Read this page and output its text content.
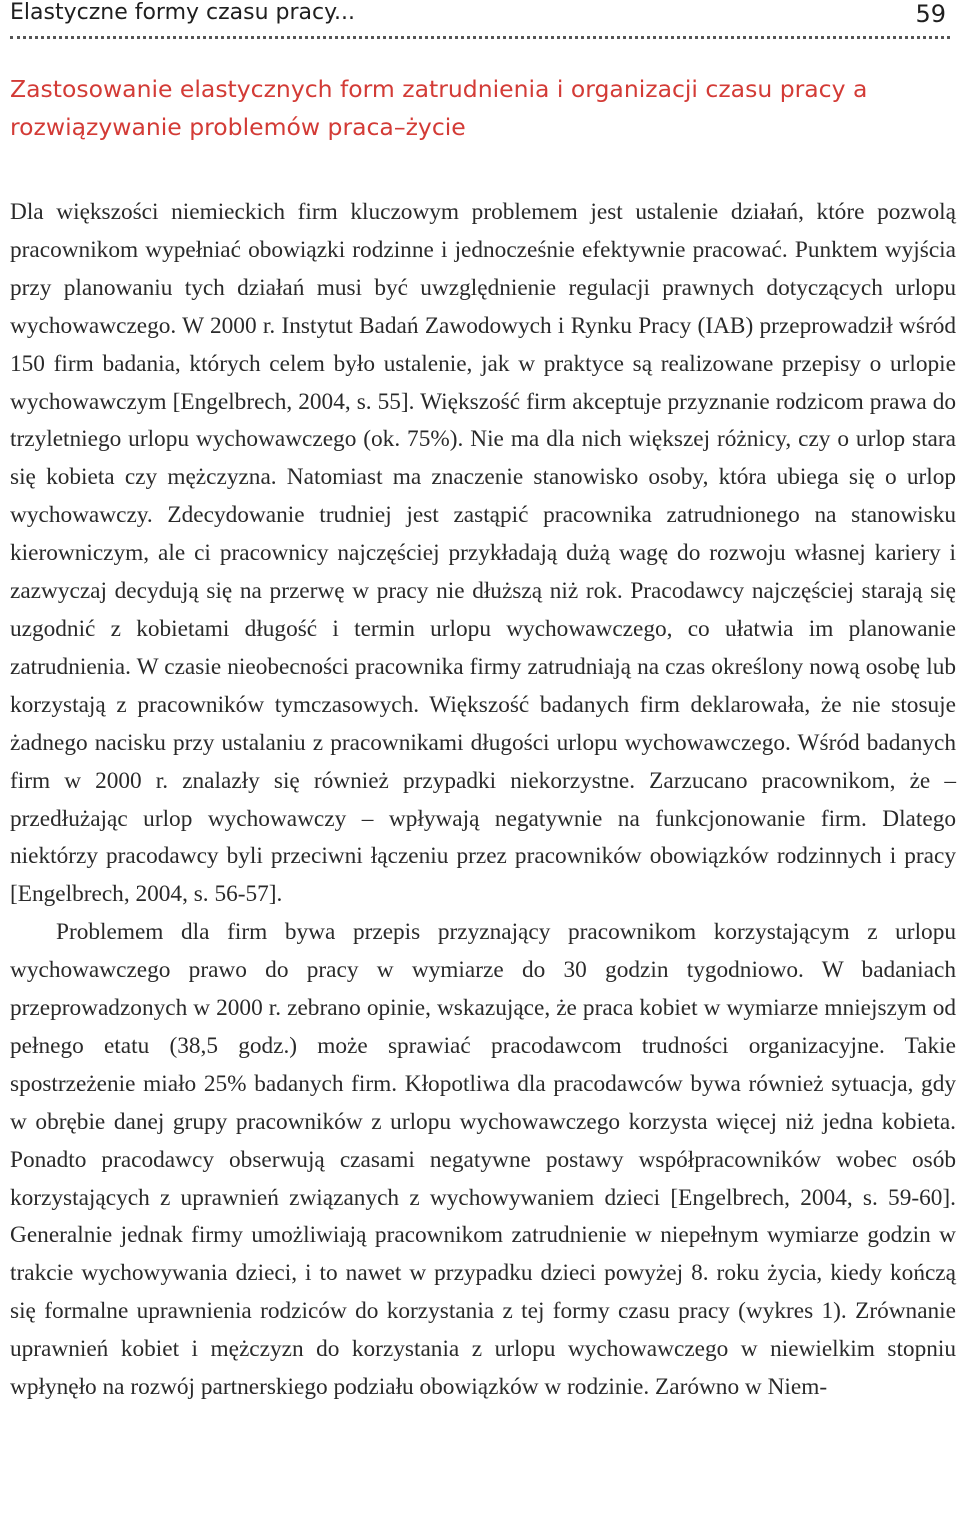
Elastyczne formy czasu pracy...	59
Zastosowanie elastycznych form zatrudnienia i organizacji czasu pracy a rozwiązywanie problemów praca–życie

Dla większości niemieckich firm kluczowym problemem jest ustalenie działań, które pozwolą pracownikom wypełniać obowiązki rodzinne i jednocześnie efektywnie pracować. Punktem wyjścia przy planowaniu tych działań musi być uwzględnienie regulacji prawnych dotyczących urlopu wychowawczego. W 2000 r. Instytut Badań Zawodowych i Rynku Pracy (IAB) przeprowadził wśród 150 firm badania, których celem było ustalenie, jak w praktyce są realizowane przepisy o urlopie wychowawczym [Engelbrech, 2004, s. 55]. Większość firm akceptuje przyznanie rodzicom prawa do trzyletniego urlopu wychowawczego (ok. 75%). Nie ma dla nich większej różnicy, czy o urlop stara się kobieta czy mężczyzna. Natomiast ma znaczenie stanowisko osoby, która ubiega się o urlop wychowawczy. Zdecydowanie trudniej jest zastąpić pracownika zatrudnionego na stanowisku kierowniczym, ale ci pracownicy najczęściej przykładają dużą wagę do rozwoju własnej kariery i zazwyczaj decydują się na przerwę w pracy nie dłuższą niż rok. Pracodawcy najczęściej starają się uzgodnić z kobietami długość i termin urlopu wychowawczego, co ułatwia im planowanie zatrudnienia. W czasie nieobecności pracownika firmy zatrudniają na czas określony nową osobę lub korzystają z pracowników tymczasowych. Większość badanych firm deklarowała, że nie stosuje żadnego nacisku przy ustalaniu z pracownikami długości urlopu wychowawczego. Wśród badanych firm w 2000 r. znalazły się również przypadki niekorzystne. Zarzucano pracownikom, że – przedłużając urlop wychowawczy – wpływają negatywnie na funkcjonowanie firm. Dlatego niektórzy pracodawcy byli przeciwni łączeniu przez pracowników obowiązków rodzinnych i pracy [Engelbrech, 2004, s. 56-57].

Problemem dla firm bywa przepis przyznający pracownikom korzystającym z urlopu wychowawczego prawo do pracy w wymiarze do 30 godzin tygodniowo. W badaniach przeprowadzonych w 2000 r. zebrano opinie, wskazujące, że praca kobiet w wymiarze mniejszym od pełnego etatu (38,5 godz.) może sprawiać pracodawcom trudności organizacyjne. Takie spostrzeżenie miało 25% badanych firm. Kłopotliwa dla pracodawców bywa również sytuacja, gdy w obrębie danej grupy pracowników z urlopu wychowawczego korzysta więcej niż jedna kobieta. Ponadto pracodawcy obserwują czasami negatywne postawy współpracowników wobec osób korzystających z uprawnień związanych z wychowywaniem dzieci [Engelbrech, 2004, s. 59-60]. Generalnie jednak firmy umożliwiają pracownikom zatrudnienie w niepełnym wymiarze godzin w trakcie wychowywania dzieci, i to nawet w przypadku dzieci powyżej 8. roku życia, kiedy kończą się formalne uprawnienia rodziców do korzystania z tej formy czasu pracy (wykres 1). Zrównanie uprawnień kobiet i mężczyzn do korzystania z urlopu wychowawczego w niewielkim stopniu wpłynęło na rozwój partnerskiego podziału obowiązków w rodzinie. Zarówno w Niem-
